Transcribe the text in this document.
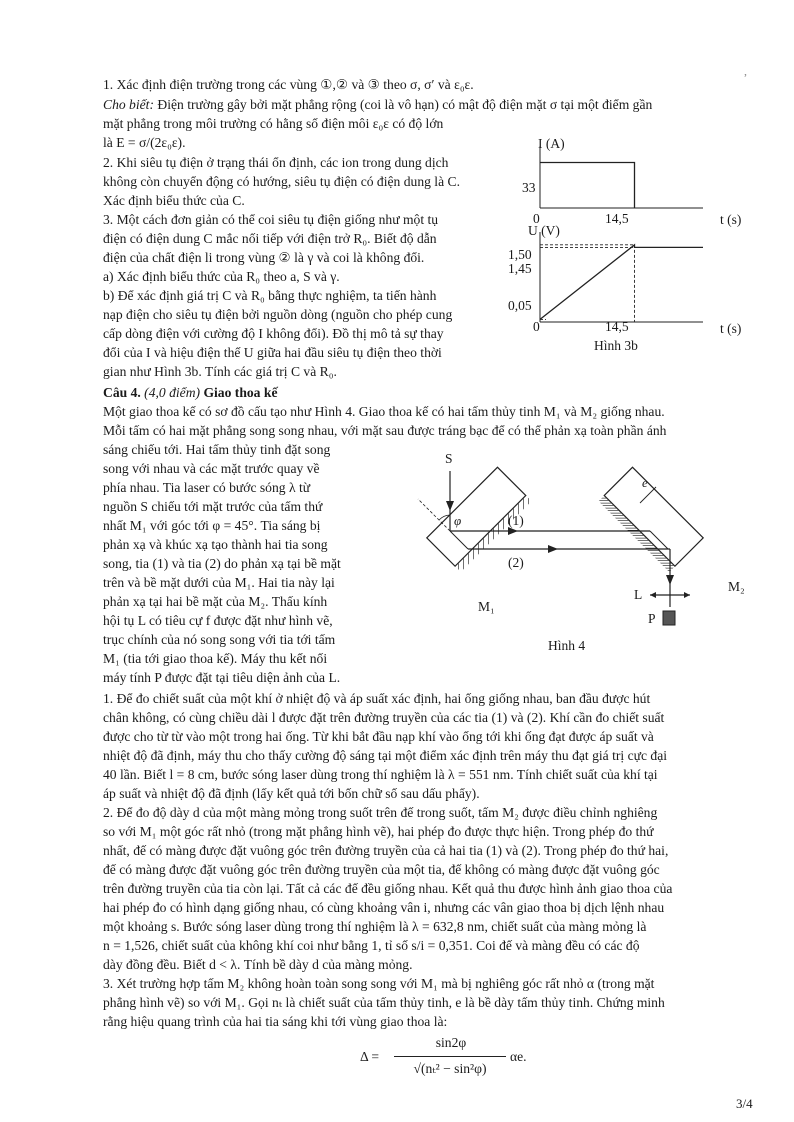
,

1. Xác định điện trường trong các vùng ①,② và ③ theo σ, σ′ và ε₀ε.

Cho biết: Điện trường gây bởi mặt phẳng rộng (coi là vô hạn) có mật độ điện mặt σ tại một điểm gần

mặt phẳng trong môi trường có hằng số điện môi ε₀ε có độ lớn

là E = σ/(2ε₀ε).

2. Khi siêu tụ điện ở trạng thái ổn định, các ion trong dung dịch

không còn chuyển động có hướng, siêu tụ điện có điện dung là C.

Xác định biểu thức của C.

3. Một cách đơn giản có thể coi siêu tụ điện giống như một tụ

điện có điện dung C mắc nối tiếp với điện trở R₀. Biết độ dẫn

điện của chất điện li trong vùng ② là γ và coi là không đổi.

a) Xác định biểu thức của R₀ theo a, S và γ.

b) Để xác định giá trị C và R₀ bằng thực nghiệm, ta tiến hành

nạp điện cho siêu tụ điện bởi nguồn dòng (nguồn cho phép cung

cấp dòng điện với cường độ I không đổi). Đồ thị mô tả sự thay

đổi của I và hiệu điện thế U giữa hai đầu siêu tụ điện theo thời

gian như Hình 3b. Tính các giá trị C và R₀.

I (A)
t (s)
33
0	14,5
U (V)
t (s)
1,50
1,45
0,05
0	14,5
Hình 3b

Câu 4. (4,0 điểm) Giao thoa kế

Một giao thoa kế có sơ đồ cấu tạo như Hình 4. Giao thoa kế có hai tấm thủy tinh M₁ và M₂ giống nhau.

Mỗi tấm có hai mặt phẳng song song nhau, với mặt sau được tráng bạc để có thể phản xạ toàn phần ánh

sáng chiếu tới. Hai tấm thủy tinh đặt song

song với nhau và các mặt trước quay về

phía nhau. Tia laser có bước sóng λ từ

nguồn S chiếu tới mặt trước của tấm thứ

nhất M₁ với góc tới φ = 45°. Tia sáng bị

phản xạ và khúc xạ tạo thành hai tia song

song, tia (1) và tia (2) do phản xạ tại bề mặt

trên và bề mặt dưới của M₁. Hai tia này lại

phản xạ tại hai bề mặt của M₂. Thấu kính

hội tụ L có tiêu cự f được đặt như hình vẽ,

trục chính của nó song song với tia tới tấm

M₁ (tia tới giao thoa kế). Máy thu kết nối

máy tính P được đặt tại tiêu diện ảnh của L.

S
φ	(1)
(2)
e
L
P
M₁
M₂
Hình 4

1. Để đo chiết suất của một khí ở nhiệt độ và áp suất xác định, hai ống giống nhau, ban đầu được hút

chân không, có cùng chiều dài l được đặt trên đường truyền của các tia (1) và (2). Khí cần đo chiết suất

được cho từ từ vào một trong hai ống. Từ khi bắt đầu nạp khí vào ống tới khi ống đạt được áp suất và

nhiệt độ đã định, máy thu cho thấy cường độ sáng tại một điểm xác định trên máy thu đạt giá trị cực đại

40 lần. Biết l = 8 cm, bước sóng laser dùng trong thí nghiệm là λ = 551 nm. Tính chiết suất của khí tại

áp suất và nhiệt độ đã định (lấy kết quả tới bốn chữ số sau dấu phẩy).

2. Để đo độ dày d của một màng mỏng trong suốt trên đế trong suốt, tấm M₂ được điều chỉnh nghiêng

so với M₁ một góc rất nhỏ (trong mặt phẳng hình vẽ), hai phép đo được thực hiện. Trong phép đo thứ

nhất, đế có màng được đặt vuông góc trên đường truyền của cả hai tia (1) và (2). Trong phép đo thứ hai,

đế có màng được đặt vuông góc trên đường truyền của một tia, đế không có màng được đặt vuông góc

trên đường truyền của tia còn lại. Tất cả các đế đều giống nhau. Kết quả thu được hình ảnh giao thoa của

hai phép đo có hình dạng giống nhau, có cùng khoảng vân i, nhưng các vân giao thoa bị dịch lệnh nhau

một khoảng s. Bước sóng laser dùng trong thí nghiệm là λ = 632,8 nm, chiết suất của màng mỏng là

n = 1,526, chiết suất của không khí coi như bằng 1, tỉ số s/i = 0,351. Coi đế và màng đều có các độ

dày đồng đều. Biết d < λ. Tính bề dày d của màng mỏng.

3. Xét trường hợp tấm M₂ không hoàn toàn song song với M₁ mà bị nghiêng góc rất nhỏ α (trong mặt

phẳng hình vẽ) so với M₁. Gọi nₜ là chiết suất của tấm thủy tinh, e là bề dày tấm thủy tinh. Chứng minh

rằng hiệu quang trình của hai tia sáng khi tới vùng giao thoa là:

Δ =
sin2φ
√(nₜ² − sin²φ)
αe.
3/4
